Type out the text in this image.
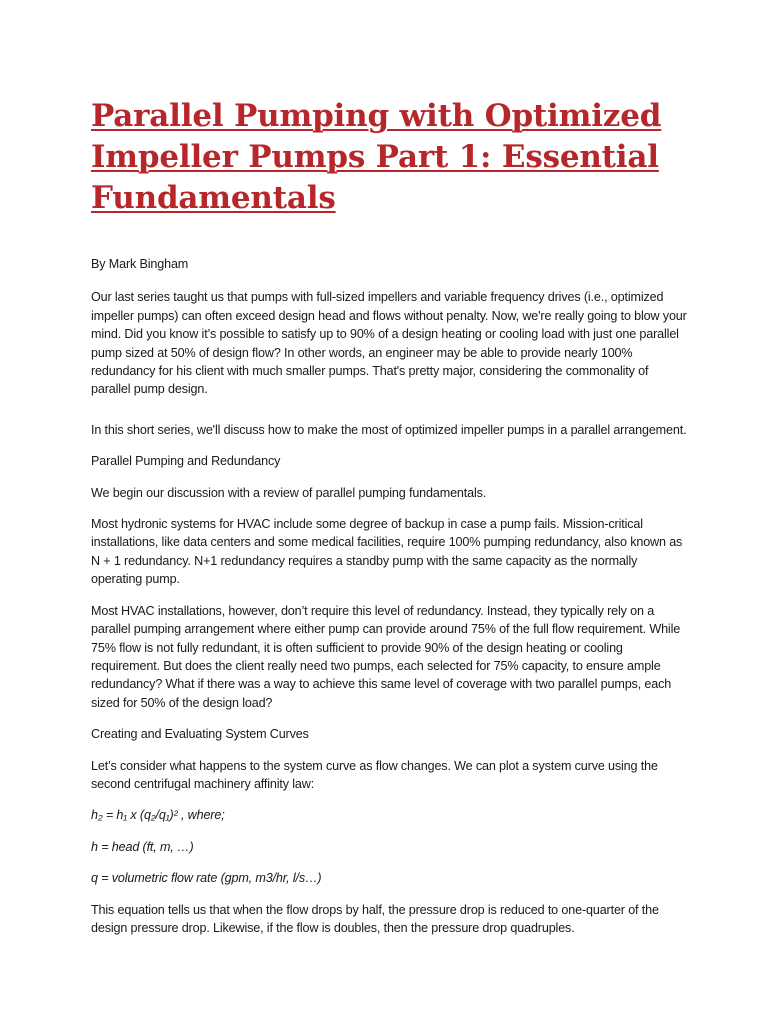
Parallel Pumping with Optimized Impeller Pumps Part 1: Essential Fundamentals

By Mark Bingham

Our last series taught us that pumps with full-sized impellers and variable frequency drives (i.e., optimized impeller pumps) can often exceed design head and flows without penalty. Now, we're really going to blow your mind. Did you know it’s possible to satisfy up to 90% of a design heating or cooling load with just one parallel pump sized at 50% of design flow? In other words, an engineer may be able to provide nearly 100% redundancy for his client with much smaller pumps. That's pretty major, considering the commonality of parallel pump design.

In this short series, we'll discuss how to make the most of optimized impeller pumps in a parallel arrangement.

Parallel Pumping and Redundancy

We begin our discussion with a review of parallel pumping fundamentals.

Most hydronic systems for HVAC include some degree of backup in case a pump fails. Mission-critical installations, like data centers and some medical facilities, require 100% pumping redundancy, also known as N + 1 redundancy. N+1 redundancy requires a standby pump with the same capacity as the normally operating pump.

Most HVAC installations, however, don’t require this level of redundancy. Instead, they typically rely on a parallel pumping arrangement where either pump can provide around 75% of the full flow requirement. While 75% flow is not fully redundant, it is often sufficient to provide 90% of the design heating or cooling requirement. But does the client really need two pumps, each selected for 75% capacity, to ensure ample redundancy? What if there was a way to achieve this same level of coverage with two parallel pumps, each sized for 50% of the design load?

Creating and Evaluating System Curves

Let’s consider what happens to the system curve as flow changes. We can plot a system curve using the second centrifugal machinery affinity law:

h₂ = h₁ x (q₂/q₁)² , where;

h = head (ft, m, …)

q = volumetric flow rate (gpm, m3/hr, l/s…)

This equation tells us that when the flow drops by half, the pressure drop is reduced to one-quarter of the design pressure drop. Likewise, if the flow is doubles, then the pressure drop quadruples.
